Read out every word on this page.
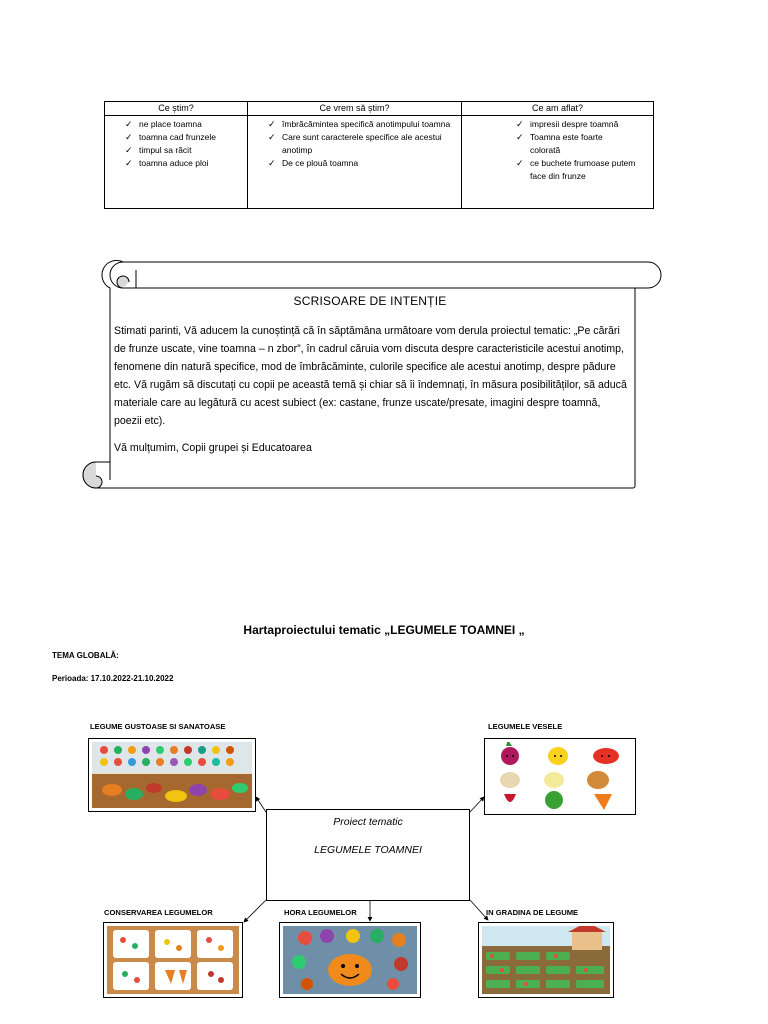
Ce știm?
✓ ne place toamna
✓ toamna cad frunzele
✓ timpul sa răcit
✓ toamna aduce ploi
Ce vrem să știm?
✓ îmbrăcămintea specifică anotimpului toamna
✓ Care sunt caracterele specifice ale acestui anotimp
✓ De ce plouă toamna
Ce am aflat?
✓ impresii despre toamnă
✓ Toamna este foarte colorată
✓ ce buchete frumoase putem face din frunze
SCRISOARE DE INTENȚIE

Stimati parinti, Vă aducem la cunoștință că în săptămâna următoare vom derula proiectul tematic: „Pe cărări de frunze uscate, vine toamna – n zbor”, în cadrul căruia vom discuta despre caracteristicile acestui anotimp, fenomene din natură specifice, mod de îmbrăcăminte, culorile specifice ale acestui anotimp, despre pădure etc. Vă rugăm să discutați cu copii pe această temă și chiar să îi îndemnați, în măsura posibilităților, să aducă materiale care au legătură cu acest subiect (ex: castane, frunze uscate/presate, imagini despre toamnă, poezii etc).

Vă mulțumim, Copii grupei și Educatoarea

Hartaproiectului tematic „LEGUMELE TOAMNEI „
TEMA GLOBALĂ:
Perioada: 17.10.2022-21.10.2022
LEGUME GUSTOASE SI SANATOASE	LEGUMELE VESELE
Proiect tematic
LEGUMELE TOAMNEI
CONSERVAREA LEGUMELOR	HORA LEGUMELOR	IN GRADINA DE LEGUME
